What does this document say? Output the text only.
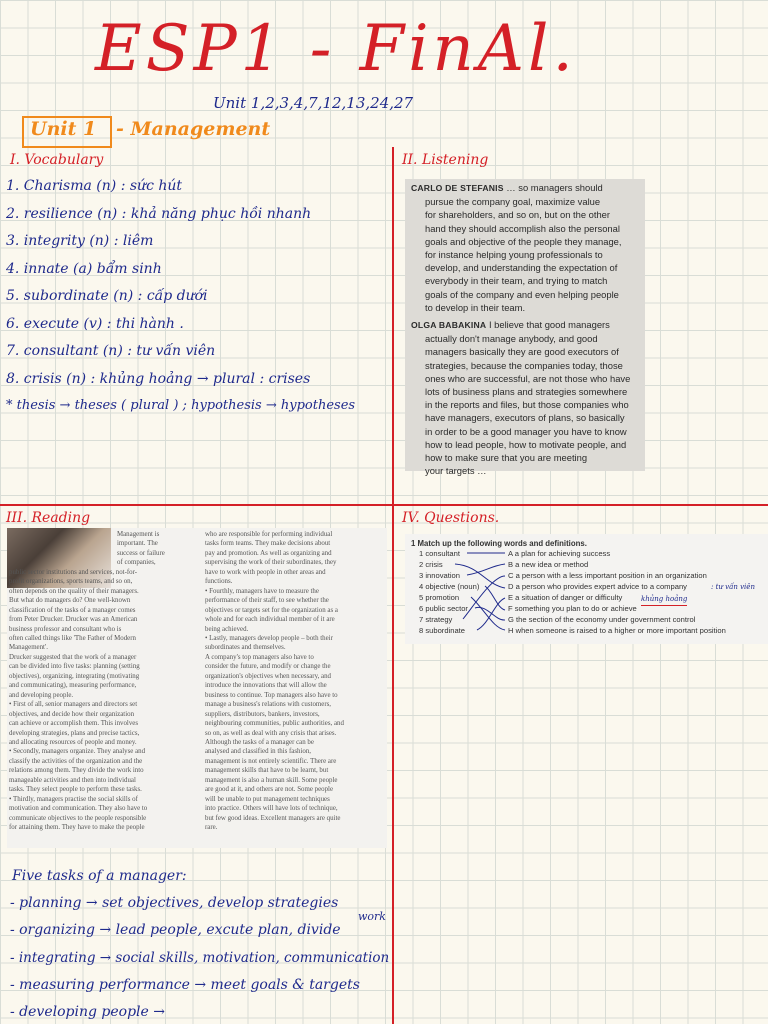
ESP1 - FinAl.
Unit 1,2,3,4,7,12,13,24,27
Unit 1 - Management
I. Vocabulary
1. Charisma (n) : sức hút
2. resilience (n) : khả năng phục hồi nhanh
3. integrity (n) : liêm
4. innate (a) bẩm sinh
5. subordinate (n) : cấp dưới
6. execute (v) : thi hành .
7. consultant (n) : tư vấn viên
8. crisis (n) : khủng hoảng → plural : crises
* thesis → theses ( plural ) ; hypothesis → hypotheses
II. Listening

CARLO DE STEFANIS … so managers should

pursue the company goal, maximize value
for shareholders, and so on, but on the other
hand they should accomplish also the personal
goals and objective of the people they manage,
for instance helping young professionals to
develop, and understanding the expectation of
everybody in their team, and trying to match
goals of the company and even helping people
to develop in their team.

OLGA BABAKINA I believe that good managers

actually don't manage anybody, and good
managers basically they are good executors of
strategies, because the companies today, those
ones who are successful, are not those who have
lots of business plans and strategies somewhere
in the reports and files, but those companies who
have managers, executors of plans, so basically
in order to be a good manager you have to know
how to lead people, how to motivate people, and
how to make sure that you are meeting
your targets …
III. Reading
Management is
important. The
success or failure
of companies,
public sector institutions and services, not-for-
profit organizations, sports teams, and so on,
often depends on the quality of their managers.
But what do managers do? One well-known
classification of the tasks of a manager comes
from Peter Drucker. Drucker was an American
business professor and consultant who is
often called things like 'The Father of Modern
Management'.
Drucker suggested that the work of a manager
can be divided into five tasks: planning (setting
objectives), organizing, integrating (motivating
and communicating), measuring performance,
and developing people.
• First of all, senior managers and directors set
objectives, and decide how their organization
can achieve or accomplish them. This involves
developing strategies, plans and precise tactics,
and allocating resources of people and money.
• Secondly, managers organize. They analyse and
classify the activities of the organization and the
relations among them. They divide the work into
manageable activities and then into individual
tasks. They select people to perform these tasks.
• Thirdly, managers practise the social skills of
motivation and communication. They also have to
communicate objectives to the people responsible
for attaining them. They have to make the people
who are responsible for performing individual
tasks form teams. They make decisions about
pay and promotion. As well as organizing and
supervising the work of their subordinates, they
have to work with people in other areas and
functions.
• Fourthly, managers have to measure the
performance of their staff, to see whether the
objectives or targets set for the organization as a
whole and for each individual member of it are
being achieved.
• Lastly, managers develop people – both their
subordinates and themselves.
A company's top managers also have to
consider the future, and modify or change the
organization's objectives when necessary, and
introduce the innovations that will allow the
business to continue. Top managers also have to
manage a business's relations with customers,
suppliers, distributors, bankers, investors,
neighbouring communities, public authorities, and
so on, as well as deal with any crisis that arises.
Although the tasks of a manager can be
analysed and classified in this fashion,
management is not entirely scientific. There are
management skills that have to be learnt, but
management is also a human skill. Some people
are good at it, and others are not. Some people
will be unable to put management techniques
into practice. Others will have lots of technique,
but few good ideas. Excellent managers are quite
rare.
IV. Questions.
1 Match up the following words and definitions.
1 consultant
2 crisis
3 innovation
4 objective (noun)
5 promotion
6 public sector
7 strategy
8 subordinate
A a plan for achieving success
B a new idea or method
C a person with a less important position in an organization
D a person who provides expert advice to a company
E a situation of danger or difficulty
F something you plan to do or achieve
G the section of the economy under government control
H when someone is raised to a higher or more important position
: tư vấn viên
khủng hoảng
Five tasks of a manager:
- planning → set objectives, develop strategies
- organizing → lead people, excute plan, divide
work
- integrating → social skills, motivation, communication
- measuring performance → meet goals & targets
- developing people →
